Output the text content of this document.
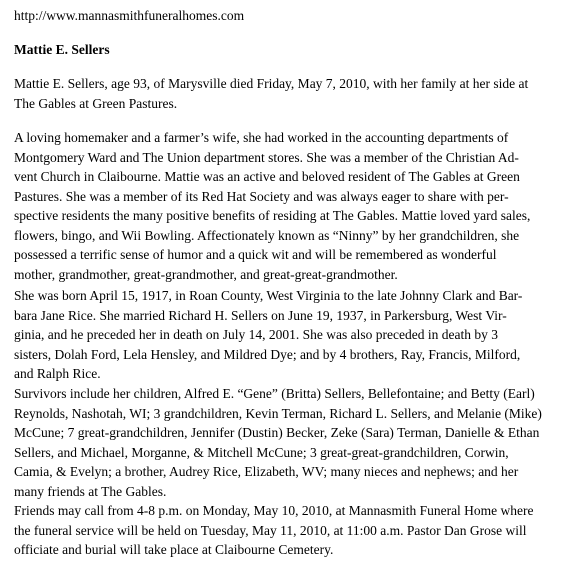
http://www.mannasmithfuneralhomes.com
Mattie E. Sellers
Mattie E. Sellers, age 93, of Marysville died Friday, May 7, 2010, with her family at her side at
The Gables at Green Pastures.
A loving homemaker and a farmer’s wife, she had worked in the accounting departments of
Montgomery Ward and The Union department stores. She was a member of the Christian Ad-
vent Church in Claibourne. Mattie was an active and beloved resident of The Gables at Green
Pastures. She was a member of its Red Hat Society and was always eager to share with per-
spective residents the many positive benefits of residing at The Gables. Mattie loved yard sales,
flowers, bingo, and Wii Bowling. Affectionately known as “Ninny” by her grandchildren, she
possessed a terrific sense of humor and a quick wit and will be remembered as wonderful
mother, grandmother, great-grandmother, and great-great-grandmother.
She was born April 15, 1917, in Roan County, West Virginia to the late Johnny Clark and Bar-
bara Jane Rice. She married Richard H. Sellers on June 19, 1937, in Parkersburg, West Vir-
ginia, and he preceded her in death on July 14, 2001. She was also preceded in death by 3
sisters, Dolah Ford, Lela Hensley, and Mildred Dye; and by 4 brothers, Ray, Francis, Milford,
and Ralph Rice.
Survivors include her children, Alfred E. “Gene” (Britta) Sellers, Bellefontaine; and Betty (Earl)
Reynolds, Nashotah, WI; 3 grandchildren, Kevin Terman, Richard L. Sellers, and Melanie (Mike)
McCune; 7 great-grandchildren, Jennifer (Dustin) Becker, Zeke (Sara) Terman, Danielle & Ethan
Sellers, and Michael, Morganne, & Mitchell McCune; 3 great-great-grandchildren, Corwin,
Camia, & Evelyn; a brother, Audrey Rice, Elizabeth, WV; many nieces and nephews; and her
many friends at The Gables.
Friends may call from 4-8 p.m. on Monday, May 10, 2010, at Mannasmith Funeral Home where
the funeral service will be held on Tuesday, May 11, 2010, at 11:00 a.m. Pastor Dan Grose will
officiate and burial will take place at Claibourne Cemetery.
